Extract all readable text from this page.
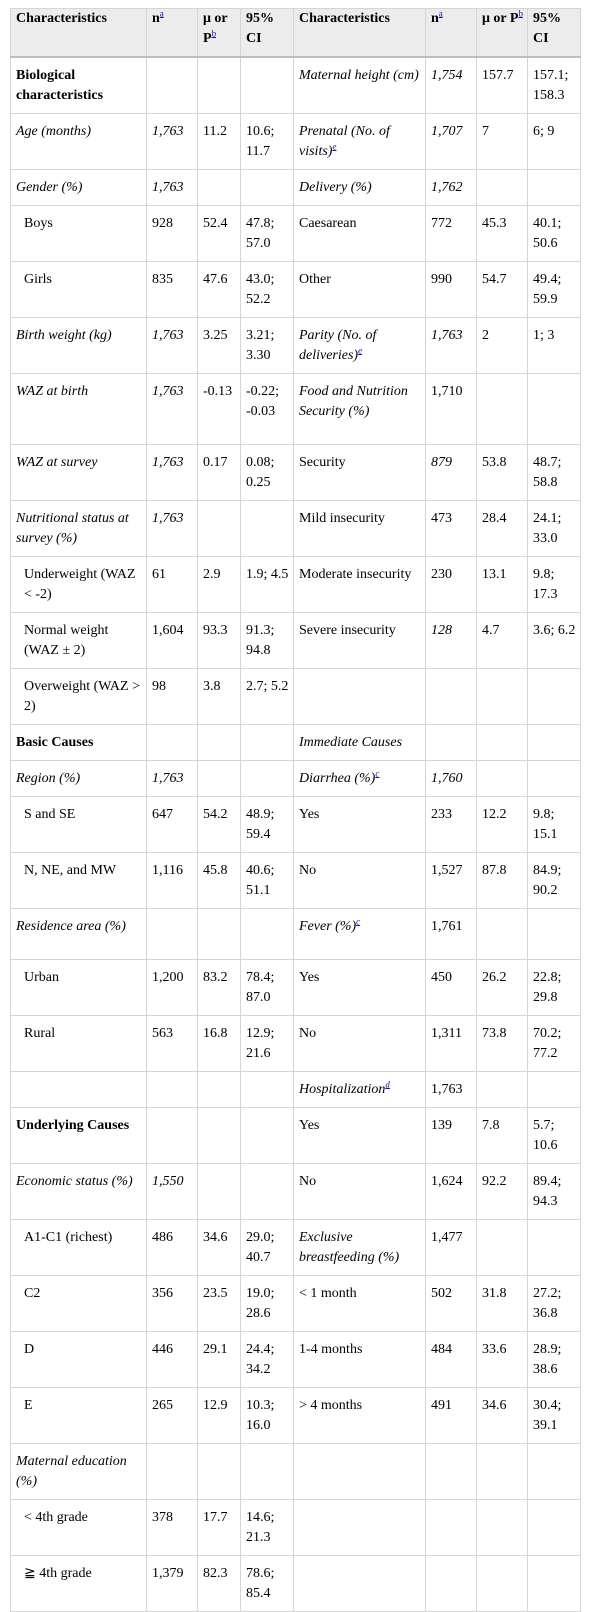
Characteristics	n$^a$	μ or P$^b$	95% CI	Characteristics	n$^a$	μ or P$^b$	95% CI
Biological characteristics				Maternal height (cm)	1,754	157.7	157.1; 158.3
Age (months)	1,763	11.2	10.6; 11.7	Prenatal (No. of visits)$^e$	1,707	7	6; 9
Gender (%)	1,763			Delivery (%)	1,762		
Boys	928	52.4	47.8; 57.0	Caesarean	772	45.3	40.1; 50.6
Girls	835	47.6	43.0; 52.2	Other	990	54.7	49.4; 59.9
Birth weight (kg)	1,763	3.25	3.21; 3.30	Parity (No. of deliveries)$^e$	1,763	2	1; 3
WAZ at birth	1,763	-0.13	-0.22; -0.03	Food and Nutrition Security (%)	1,710		
WAZ at survey	1,763	0.17	0.08; 0.25	Security	879	53.8	48.7; 58.8
Nutritional status at survey (%)	1,763			Mild insecurity	473	28.4	24.1; 33.0
Underweight (WAZ < -2)	61	2.9	1.9; 4.5	Moderate insecurity	230	13.1	9.8; 17.3
Normal weight (WAZ ± 2)	1,604	93.3	91.3; 94.8	Severe insecurity	128	4.7	3.6; 6.2
Overweight (WAZ > 2)	98	3.8	2.7; 5.2				
Basic Causes				Immediate Causes			
Region (%)	1,763			Diarrhea (%)$^c$	1,760		
S and SE	647	54.2	48.9; 59.4	Yes	233	12.2	9.8; 15.1
N, NE, and MW	1,116	45.8	40.6; 51.1	No	1,527	87.8	84.9; 90.2
Residence area (%)				Fever (%)$^c$	1,761		
Urban	1,200	83.2	78.4; 87.0	Yes	450	26.2	22.8; 29.8
Rural	563	16.8	12.9; 21.6	No	1,311	73.8	70.2; 77.2
				Hospitalization$^d$	1,763		
Underlying Causes				Yes	139	7.8	5.7; 10.6
Economic status (%)	1,550			No	1,624	92.2	89.4; 94.3
A1-C1 (richest)	486	34.6	29.0; 40.7	Exclusive breastfeeding (%)	1,477		
C2	356	23.5	19.0; 28.6	< 1 month	502	31.8	27.2; 36.8
D	446	29.1	24.4; 34.2	1-4 months	484	33.6	28.9; 38.6
E	265	12.9	10.3; 16.0	> 4 months	491	34.6	30.4; 39.1
Maternal education (%)							
< 4th grade	378	17.7	14.6; 21.3				
≧ 4th grade	1,379	82.3	78.6; 85.4				
